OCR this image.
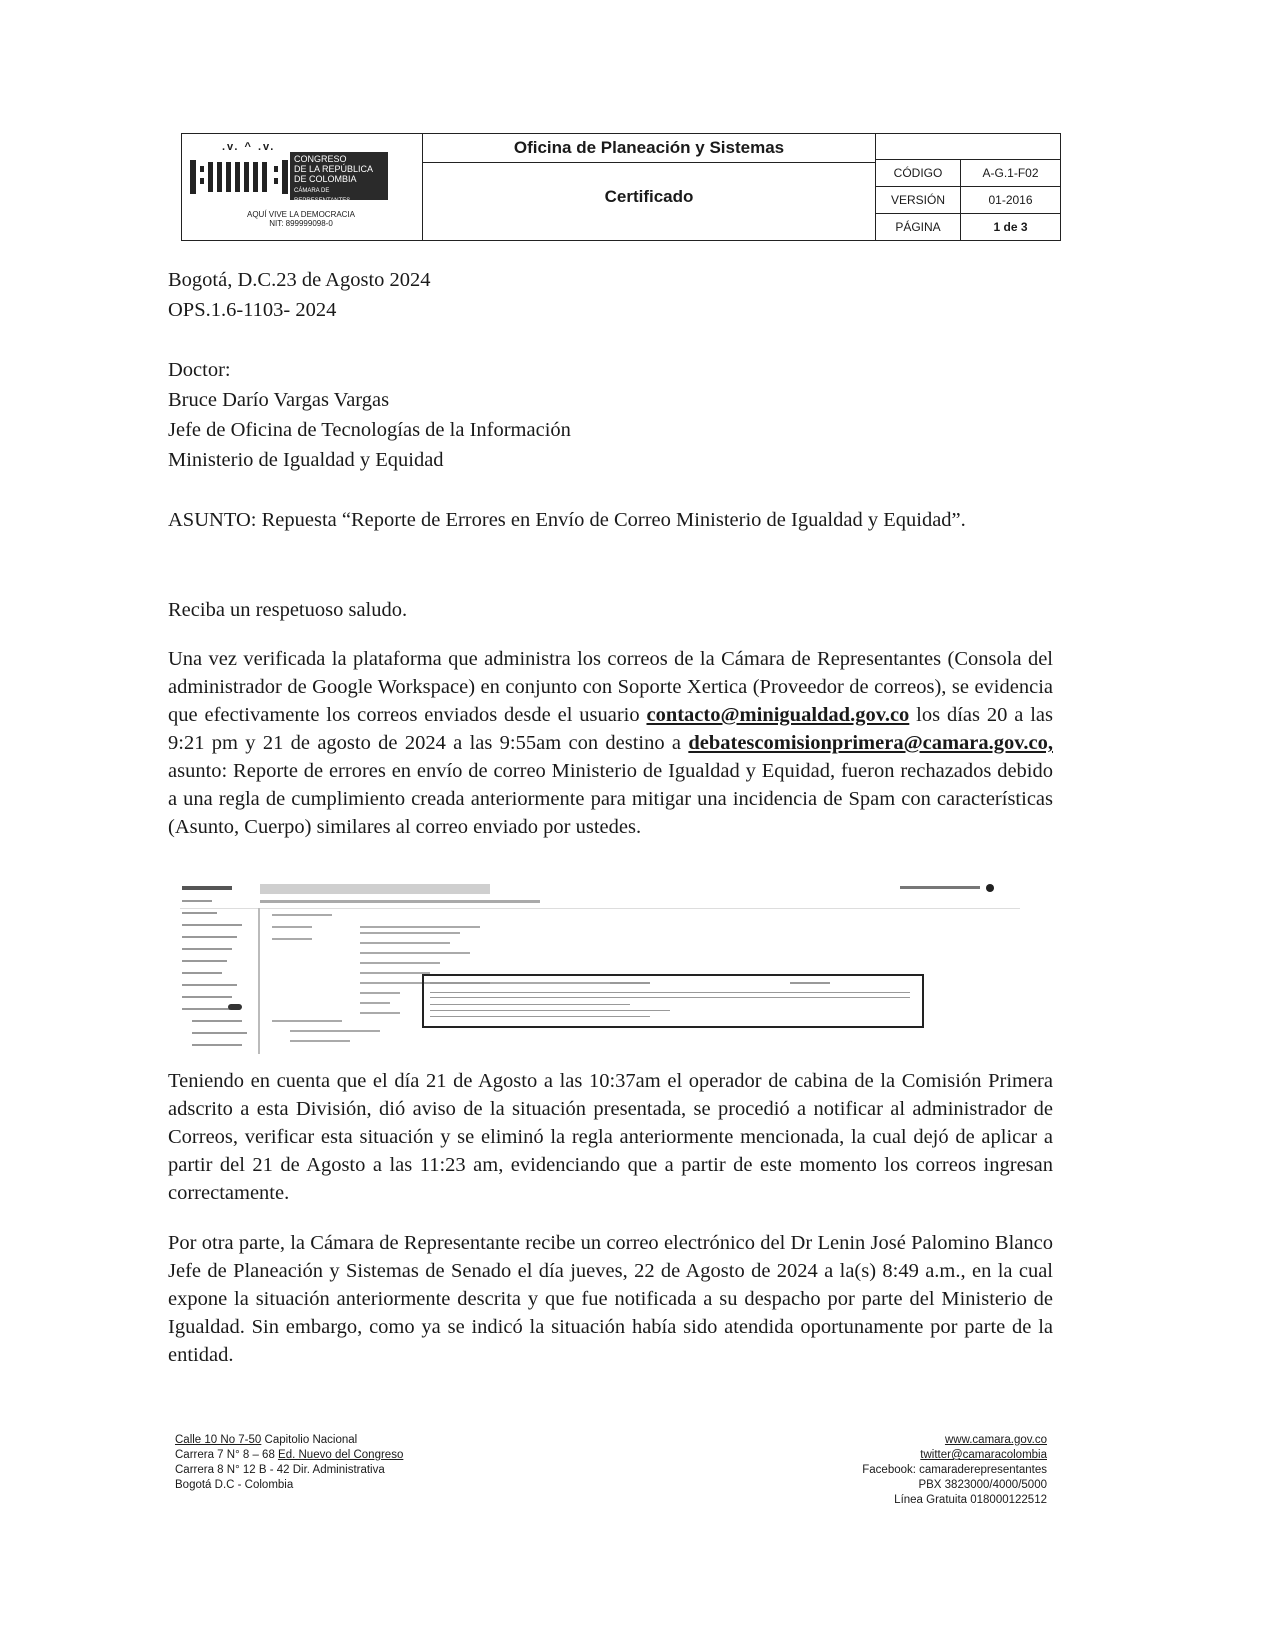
.v. ^ .v.
CONGRESO
DE LA REPÚBLICA
DE COLOMBIA
CÁMARA DE REPRESENTANTES
AQUÍ VIVE LA DEMOCRACIA
NIT: 899999098-0
Oficina de Planeación y Sistemas
Certificado
CÓDIGO	A-G.1-F02
VERSIÓN	01-2016
PÁGINA	1 de 3
Bogotá, D.C.23 de Agosto 2024
OPS.1.6-1103- 2024
Doctor:
Bruce Darío Vargas Vargas
Jefe de Oficina de Tecnologías de la Información
Ministerio de Igualdad y Equidad
ASUNTO: Repuesta “Reporte de Errores en Envío de Correo Ministerio de Igualdad y Equidad”.
Reciba un respetuoso saludo.
Una vez verificada la plataforma que administra los correos de la Cámara de Representantes (Consola del administrador de Google Workspace) en conjunto con Soporte Xertica (Proveedor de correos), se evidencia que efectivamente los correos enviados desde el usuario contacto@minigualdad.gov.co los días 20 a las 9:21 pm y 21 de agosto de 2024 a las 9:55am con destino a debatescomisionprimera@camara.gov.co, asunto: Reporte de errores en envío de correo Ministerio de Igualdad y Equidad, fueron rechazados debido a una regla de cumplimiento creada anteriormente para mitigar una incidencia de Spam con características (Asunto, Cuerpo) similares al correo enviado por ustedes.
Teniendo en cuenta que el día 21 de Agosto a las 10:37am el operador de cabina de la Comisión Primera adscrito a esta División, dió aviso de la situación presentada, se procedió a notificar al administrador de Correos, verificar esta situación y se eliminó la regla anteriormente mencionada, la cual dejó de aplicar a partir del 21 de Agosto a las 11:23 am, evidenciando que a partir de este momento los correos ingresan correctamente.
Por otra parte, la Cámara de Representante recibe un correo electrónico del Dr Lenin José Palomino Blanco Jefe de Planeación y Sistemas de Senado el día jueves, 22 de Agosto de 2024 a la(s) 8:49 a.m., en la cual expone la situación anteriormente descrita y que fue notificada a su despacho por parte del Ministerio de Igualdad. Sin embargo, como ya se indicó la situación había sido atendida oportunamente por parte de la entidad.
Calle 10 No 7-50 Capitolio Nacional
Carrera 7 N° 8 – 68 Ed. Nuevo del Congreso
Carrera 8 N° 12 B - 42 Dir. Administrativa
Bogotá D.C - Colombia
www.camara.gov.co
twitter@camaracolombia
Facebook: camaraderepresentantes
PBX 3823000/4000/5000
Línea Gratuita 018000122512
